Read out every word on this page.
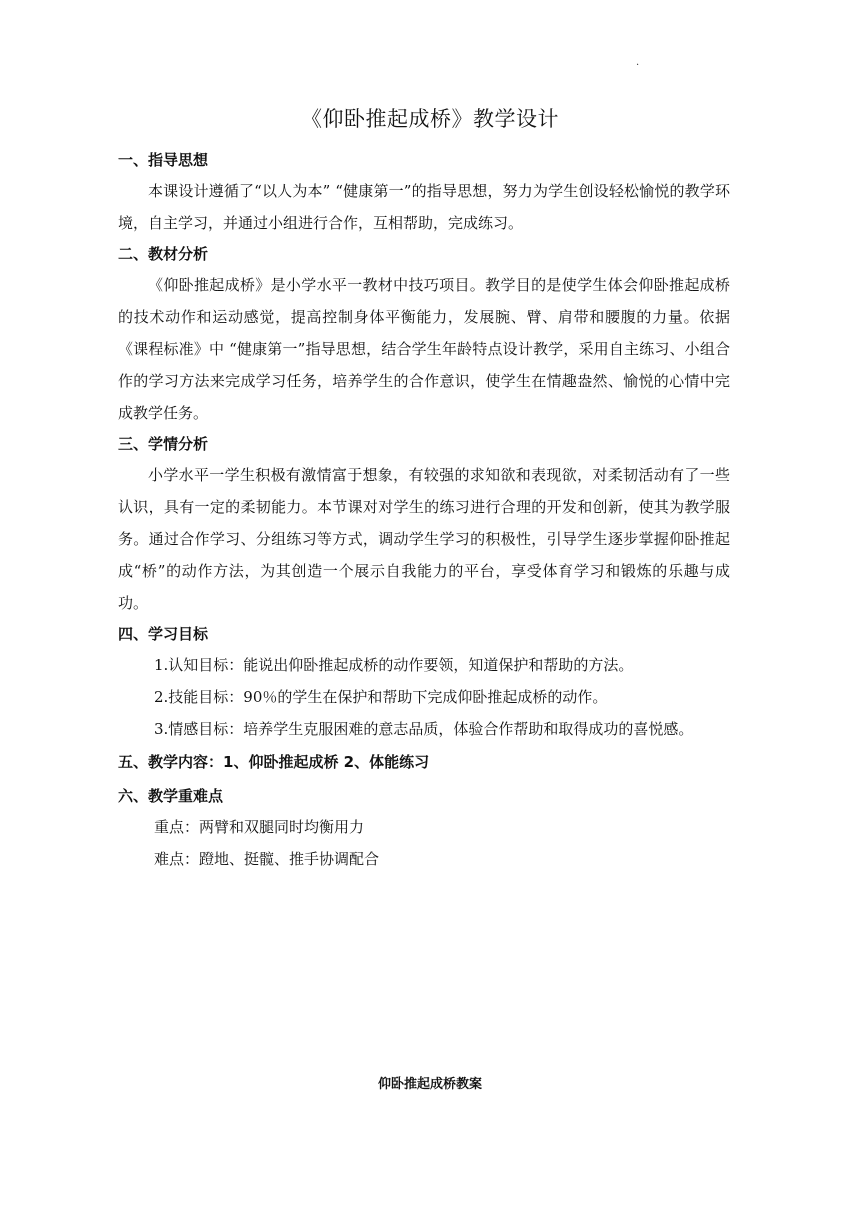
.
《仰卧推起成桥》教学设计
一、指导思想

本课设计遵循了“以人为本” “健康第一”的指导思想，努力为学生创设轻松愉悦的教学环境，自主学习，并通过小组进行合作，互相帮助，完成练习。

二、教材分析

《仰卧推起成桥》是小学水平一教材中技巧项目。教学目的是使学生体会仰卧推起成桥的技术动作和运动感觉，提高控制身体平衡能力，发展腕、臂、肩带和腰腹的力量。依据《课程标准》中 “健康第一”指导思想，结合学生年龄特点设计教学，采用自主练习、小组合作的学习方法来完成学习任务，培养学生的合作意识，使学生在情趣盎然、愉悦的心情中完成教学任务。

三、学情分析

小学水平一学生积极有激情富于想象，有较强的求知欲和表现欲，对柔韧活动有了一些认识，具有一定的柔韧能力。本节课对对学生的练习进行合理的开发和创新，使其为教学服务。通过合作学习、分组练习等方式，调动学生学习的积极性，引导学生逐步掌握仰卧推起成“桥”的动作方法，为其创造一个展示自我能力的平台，享受体育学习和锻炼的乐趣与成功。

四、学习目标

1.认知目标：能说出仰卧推起成桥的动作要领，知道保护和帮助的方法。

2.技能目标：90％的学生在保护和帮助下完成仰卧推起成桥的动作。

3.情感目标：培养学生克服困难的意志品质，体验合作帮助和取得成功的喜悦感。

五、教学内容：1、仰卧推起成桥 2、体能练习
六、教学重难点

重点：两臂和双腿同时均衡用力

难点：蹬地、挺髋、推手协调配合

仰卧推起成桥教案
